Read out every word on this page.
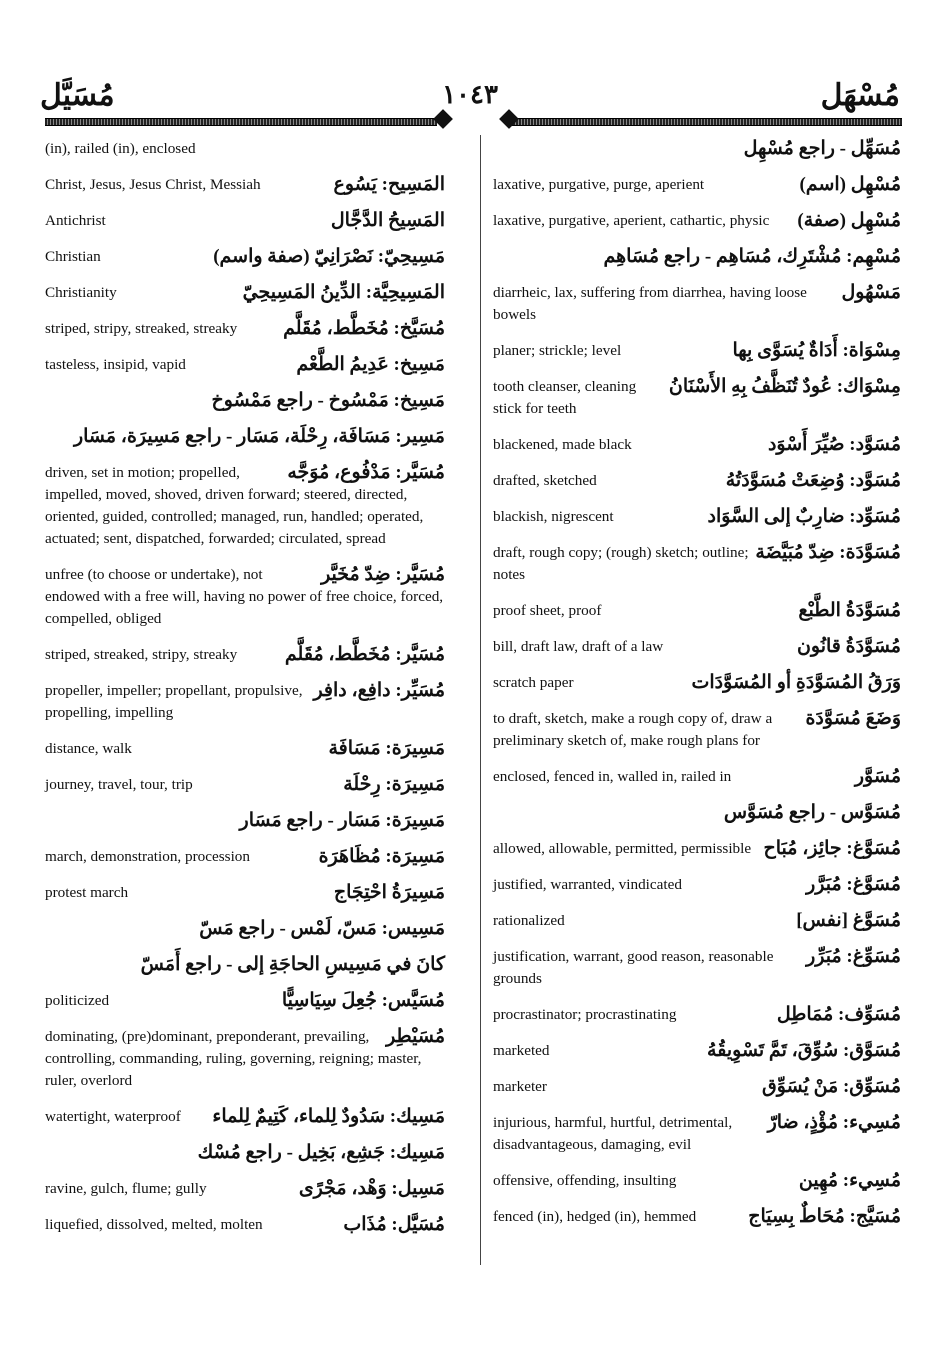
مُسَيَّل	١٠٤٣	مُسْهَل
(in), railed (in), enclosed
المَسِيح: يَسُوع
Christ, Jesus, Jesus Christ, Messiah
المَسِيحُ الدَّجَّال
Antichrist
مَسِيحِيّ: نَصْرَانِيّ (صفة واسم)
Christian
المَسِيحِيَّة: الدِّينُ المَسِيحِيّ
Christianity
مُسَيَّخ: مُخَطَّط، مُقَلَّم
striped, stripy, streaked, streaky
مَسِيخ: عَدِيمُ الطَّعْم
tasteless, insipid, vapid
مَسِيخ: مَمْسُوخ - راجع مَمْسُوخ
مَسِير: مَسَافَة، رِحْلَة، مَسَار - راجع مَسِيرَة، مَسَار
مُسَيَّر: مَدْفُوع، مُوَجَّه
driven, set in motion; propelled, impelled, moved, shoved, driven forward; steered, directed, oriented, guided, controlled; managed, run, handled; operated, actuated; sent, dispatched, forwarded; circulated, spread
مُسَيَّر: ضِدّ مُخَيَّر
unfree (to choose or undertake), not endowed with a free will, having no power of free choice, forced, compelled, obliged
مُسَيَّر: مُخَطَّط، مُقَلَّم
striped, streaked, stripy, streaky
مُسَيِّر: دافِع، دافِر
propeller, impeller; propellant, propulsive, propelling, impelling
مَسِيرَة: مَسَافَة
distance, walk
مَسِيرَة: رِحْلَة
journey, travel, tour, trip
مَسِيرَة: مَسَار - راجع مَسَار
مَسِيرَة: مُظَاهَرَة
march, demonstration, procession
مَسِيرَةُ احْتِجَاج
protest march
مَسِيس: مَسّ، لَمْس - راجع مَسّ
كانَ في مَسِيسِ الحاجَةِ إلى - راجع أَمَسّ
مُسَيَّس: جُعِلَ سِيَاسِيًّا
politicized
مُسَيْطِر
dominating, (pre)dominant, preponderant, prevailing, controlling, commanding, ruling, governing, reigning; master, ruler, overlord
مَسِيك: سَدُودٌ لِلماء، كَتِيمٌ لِلماء
watertight, waterproof
مَسِيك: جَشِع، بَخِيل - راجع مُسْك
مَسِيل: وَهْد، مَجْرًى
ravine, gulch, flume; gully
مُسَيَّل: مُذَاب
liquefied, dissolved, melted, molten
مُسَهِّل - راجع مُسْهِل
مُسْهِل (اسم)
laxative, purgative, purge, aperient
مُسْهِل (صفة)
laxative, purgative, aperient, cathartic, physic
مُسْهِم: مُشْتَرِك، مُسَاهِم - راجع مُسَاهِم
مَسْهُول
diarrheic, lax, suffering from diarrhea, having loose bowels
مِسْوَاة: أَدَاةٌ يُسَوَّى بِها
planer; strickle; level
مِسْوَاك: عُودٌ تُنَظَّفُ بِهِ الأَسْنَانُ
tooth cleanser, cleaning stick for teeth
مُسَوَّد: صُيِّرَ أَسْوَد
blackened, made black
مُسَوَّد: وُضِعَتْ مُسَوَّدَتُهُ
drafted, sketched
مُسَوِّد: ضارِبٌ إلى السَّوَاد
blackish, nigrescent
مُسَوَّدَة: ضِدّ مُبَيَّضَة
draft, rough copy; (rough) sketch; outline; notes
مُسَوَّدَةُ الطَّبْع
proof sheet, proof
مُسَوَّدَةُ قانُون
bill, draft law, draft of a law
وَرَقُ المُسَوَّدَةِ أو المُسَوَّدَات
scratch paper
وَضَعَ مُسَوَّدَة
to draft, sketch, make a rough copy of, draw a preliminary sketch of, make rough plans for
مُسَوَّر
enclosed, fenced in, walled in, railed in
مُسَوَّس - راجع مُسَوَّس
مُسَوَّغ: جائِز، مُبَاح
allowed, allowable, permitted, permissible
مُسَوَّغ: مُبَرَّر
justified, warranted, vindicated
مُسَوَّغ [نفس]
rationalized
مُسَوِّغ: مُبَرِّر
justification, warrant, good reason, reasonable grounds
مُسَوِّف: مُمَاطِل
procrastinator; procrastinating
مُسَوَّق: سُوِّقَ، تَمَّ تَسْوِيقُهُ
marketed
مُسَوِّق: مَنْ يُسَوِّق
marketer
مُسِيء: مُؤْذٍ، ضارّ
injurious, harmful, hurtful, detrimental, disadvantageous, damaging, evil
مُسِيء: مُهِين
offensive, offending, insulting
مُسَيَّج: مُحَاطٌ بِسِيَاج
fenced (in), hedged (in), hemmed
